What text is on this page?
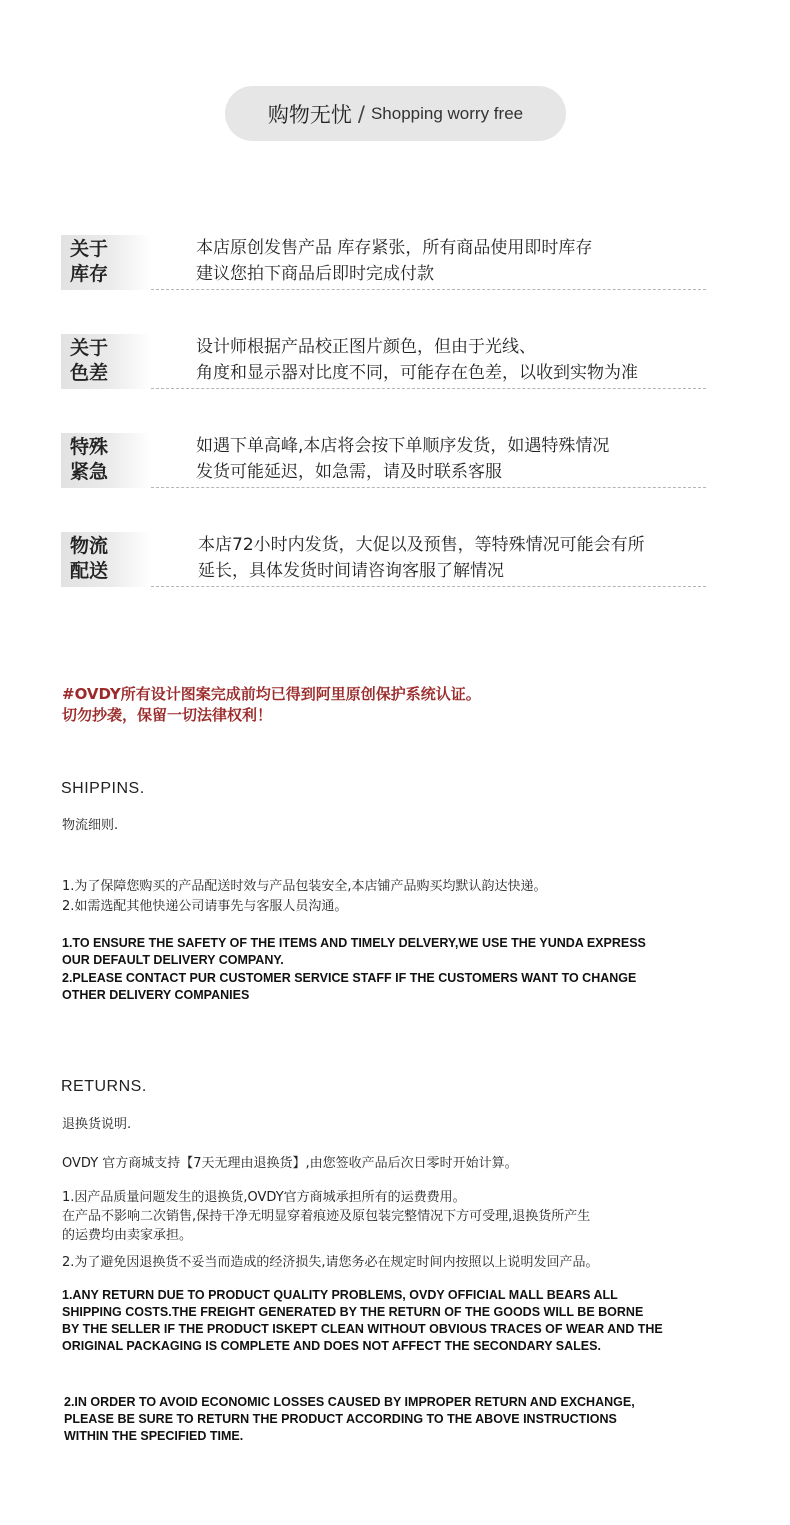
购物无忧 / Shopping worry free
关于
库存
本店原创发售产品 库存紧张，所有商品使用即时库存
建议您拍下商品后即时完成付款
关于
色差
设计师根据产品校正图片颜色，但由于光线、
角度和显示器对比度不同，可能存在色差，以收到实物为准
特殊
紧急
如遇下单高峰,本店将会按下单顺序发货，如遇特殊情况
发货可能延迟，如急需，请及时联系客服
物流
配送
本店72小时内发货，大促以及预售，等特殊情况可能会有所
延长，具体发货时间请咨询客服了解情况
#OVDY所有设计图案完成前均已得到阿里原创保护系统认证。
切勿抄袭，保留一切法律权利！
SHIPPINS.
物流细则.
1.为了保障您购买的产品配送时效与产品包装安全,本店铺产品购买均默认韵达快递。
2.如需选配其他快递公司请事先与客服人员沟通。
1.TO ENSURE THE SAFETY OF THE ITEMS AND TIMELY DELVERY,WE USE THE YUNDA EXPRESS
OUR DEFAULT DELIVERY COMPANY.
2.PLEASE CONTACT PUR CUSTOMER SERVICE STAFF IF THE CUSTOMERS WANT TO CHANGE
OTHER DELIVERY COMPANIES
RETURNS.
退换货说明.
OVDY 官方商城支持【7天无理由退换货】,由您签收产品后次日零时开始计算。
1.因产品质量问题发生的退换货,OVDY官方商城承担所有的运费费用。
在产品不影响二次销售,保持干净无明显穿着痕迹及原包装完整情况下方可受理,退换货所产生
的运费均由卖家承担。
2.为了避免因退换货不妥当而造成的经济损失,请您务必在规定时间内按照以上说明发回产品。
1.ANY RETURN DUE TO PRODUCT QUALITY PROBLEMS, OVDY OFFICIAL MALL BEARS ALL
SHIPPING COSTS.THE FREIGHT GENERATED BY THE RETURN OF THE GOODS WILL BE BORNE
BY THE SELLER IF THE PRODUCT ISKEPT CLEAN WITHOUT OBVIOUS TRACES OF WEAR AND THE
ORIGINAL PACKAGING IS COMPLETE AND DOES NOT AFFECT THE SECONDARY SALES.
2.IN ORDER TO AVOID ECONOMIC LOSSES CAUSED BY IMPROPER RETURN AND EXCHANGE,
PLEASE BE SURE TO RETURN THE PRODUCT ACCORDING TO THE ABOVE INSTRUCTIONS
WITHIN THE SPECIFIED TIME.
